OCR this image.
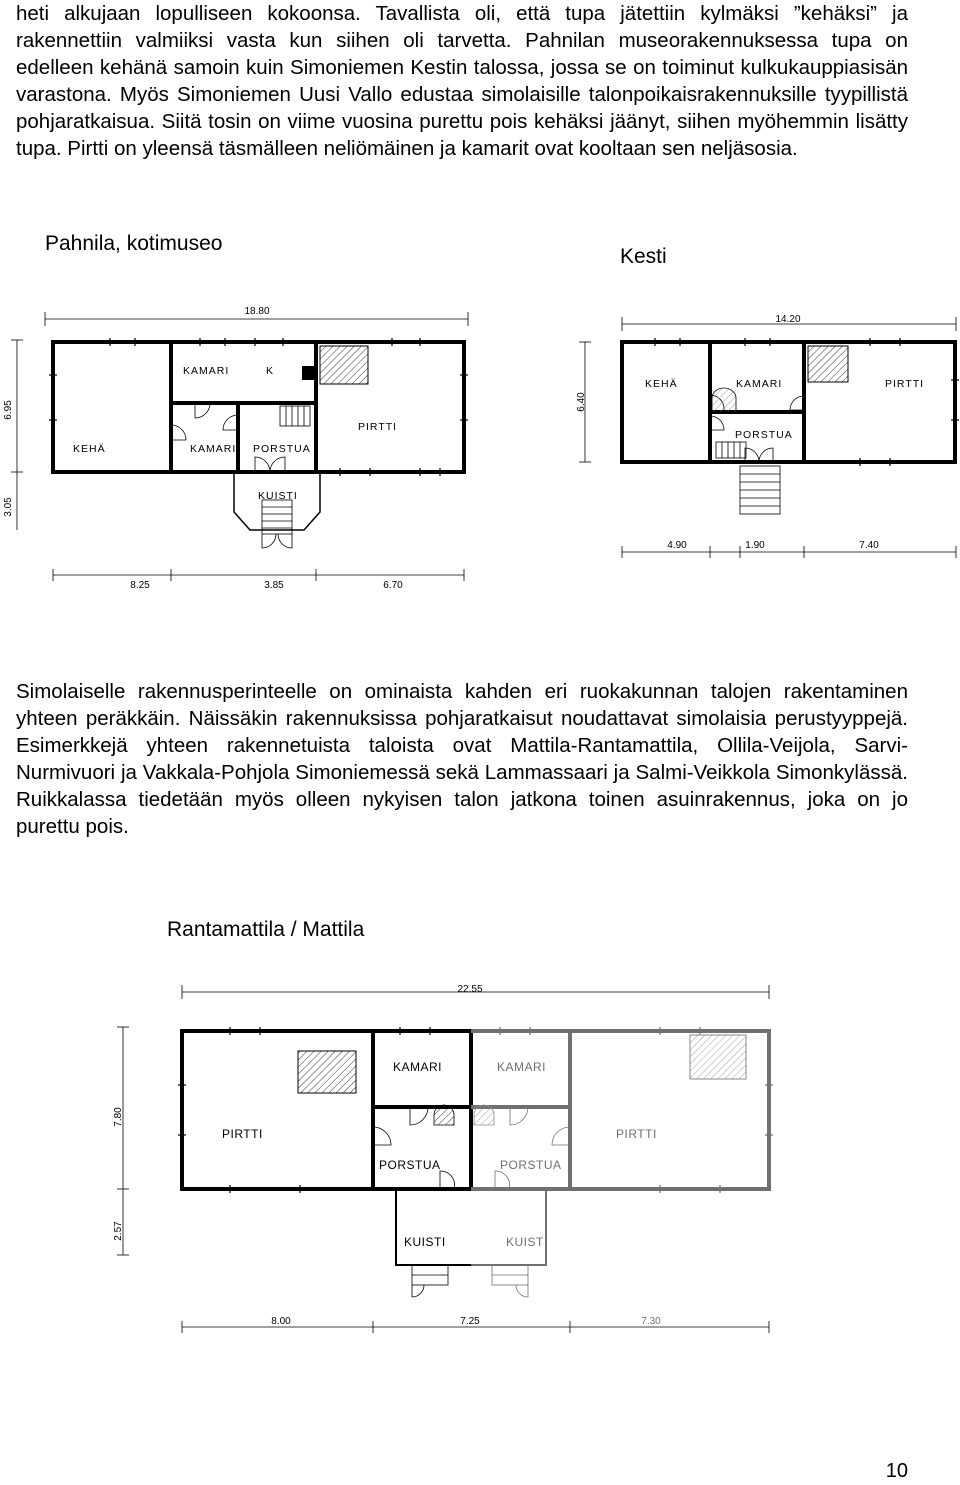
heti alkujaan lopulliseen kokoonsa. Tavallista oli, että tupa jätettiin kylmäksi ”kehäksi” ja rakennettiin valmiiksi vasta kun siihen oli tarvetta. Pahnilan museorakennuksessa tupa on edelleen kehänä samoin kuin Simoniemen Kestin talossa, jossa se on toiminut kulkukauppiasisän varastona. Myös Simoniemen Uusi Vallo edustaa simolaisille talonpoikaisrakennuksille tyypillistä pohjaratkaisua. Siitä tosin on viime vuosina purettu pois kehäksi jäänyt, siihen myöhemmin lisätty tupa. Pirtti on yleensä täsmälleen neliömäinen ja kamarit ovat kooltaan sen neljäsosia.

Pahnila, kotimuseo
Kesti
18.80
6.95
3.05
KAMARI	K
PIRTTI
KEHÄ	KAMARI PORSTUA
KUISTI
8.25	3.85	6.70
14.20
6.40
KEHÄ	KAMARI	PIRTTI
PORSTUA
4.90	1.90	7.40

Simolaiselle rakennusperinteelle on ominaista kahden eri ruokakunnan talojen rakentaminen yhteen peräkkäin. Näissäkin rakennuksissa pohjaratkaisut noudattavat simolaisia perustyyppejä. Esimerkkejä yhteen rakennetuista taloista ovat Mattila-Rantamattila, Ollila-Veijola, Sarvi-Nurmivuori ja Vakkala-Pohjola Simoniemessä sekä Lammassaari ja Salmi-Veikkola Simonkylässä. Ruikkalassa tiedetään myös olleen nykyisen talon jatkona toinen asuinrakennus, joka on jo purettu pois.

Rantamattila / Mattila
22.55
7.80
2.57
KAMARI	KAMARI
PIRTTI	PIRTTI
PORSTUA	PORSTUA
KUISTI	KUISTI
8.00	7.25	7.30
10
